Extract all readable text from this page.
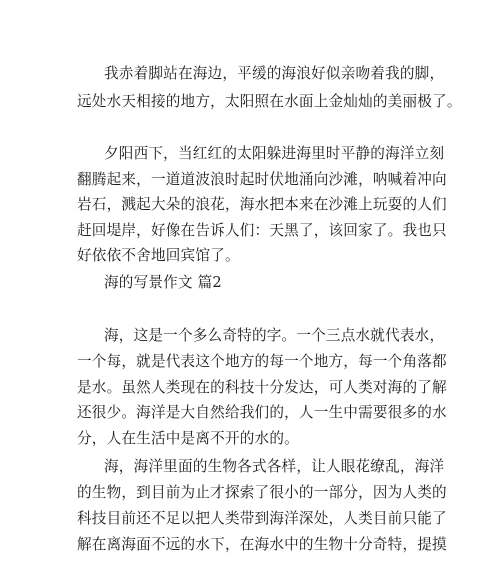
我赤着脚站在海边，平缓的海浪好似亲吻着我的脚，
远处水天相接的地方，太阳照在水面上金灿灿的美丽极了。
夕阳西下，当红红的太阳躲进海里时平静的海洋立刻
翻腾起来，一道道波浪时起时伏地涌向沙滩，呐喊着冲向
岩石，溅起大朵的浪花，海水把本来在沙滩上玩耍的人们
赶回堤岸，好像在告诉人们：天黑了，该回家了。我也只
好依依不舍地回宾馆了。
海的写景作文 篇2
海，这是一个多么奇特的字。一个三点水就代表水，
一个每，就是代表这个地方的每一个地方，每一个角落都
是水。虽然人类现在的科技十分发达，可人类对海的了解
还很少。海洋是大自然给我们的，人一生中需要很多的水
分，人在生活中是离不开的水的。
海，海洋里面的生物各式各样，让人眼花缭乱，海洋
的生物，到目前为止才探索了很小的一部分，因为人类的
科技目前还不足以把人类带到海洋深处，人类目前只能了
解在离海面不远的水下，在海水中的生物十分奇特，提摸
